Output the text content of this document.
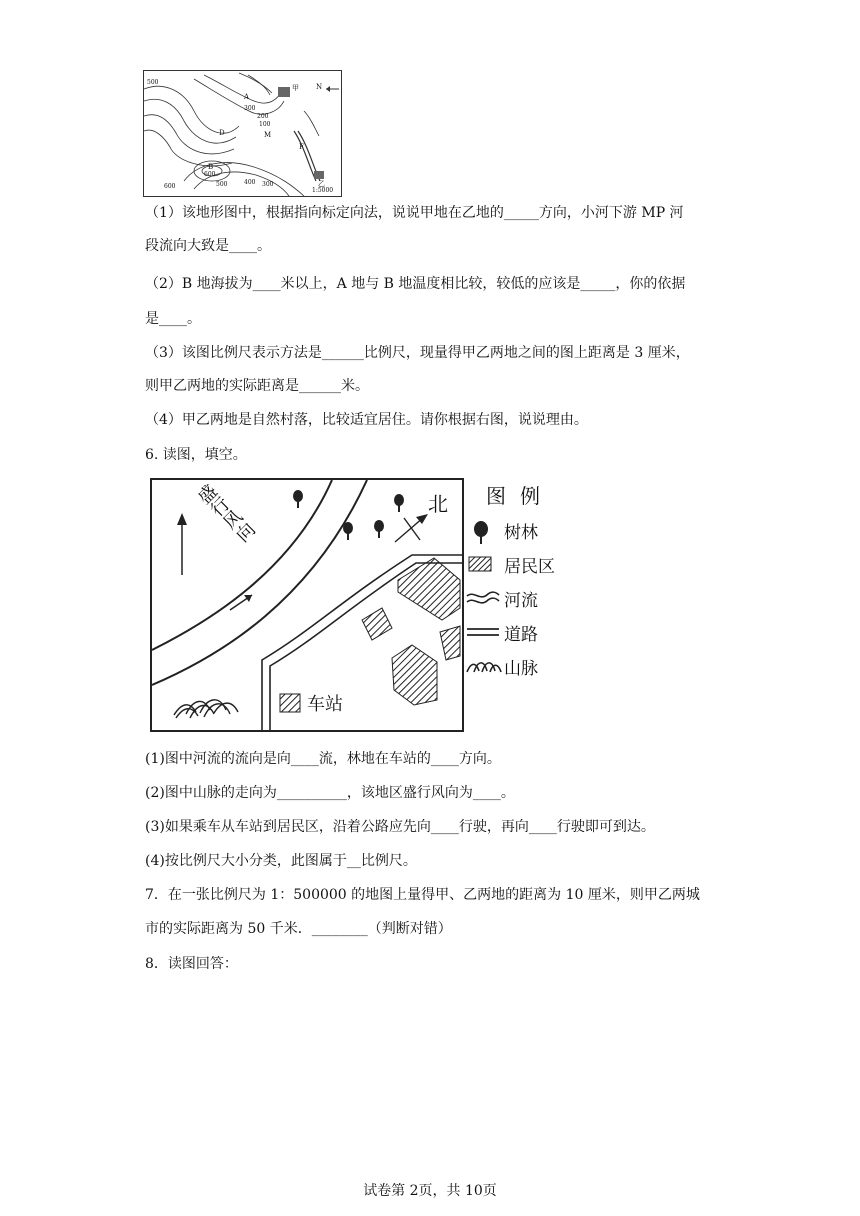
500
A
甲 N
200
300
100
D	M
F
B
600
600	500	400 300	乙
1:5000
（1）该地形图中，根据指向标定向法，说说甲地在乙地的_____方向，小河下游 MP 河
段流向大致是____。
（2）B 地海拔为____米以上，A 地与 B 地温度相比较，较低的应该是_____，你的依据
是____。
（3）该图比例尺表示方法是______比例尺，现量得甲乙两地之间的图上距离是 3 厘米，
则甲乙两地的实际距离是______米。
（4）甲乙两地是自然村落，比较适宜居住。请你根据右图，说说理由。
6. 读图，填空。
盛行风向	北
车站
图例
树林
居民区
河流
道路
山脉
(1)图中河流的流向是向____流，林地在车站的____方向。
(2)图中山脉的走向为__________，该地区盛行风向为____。
(3)如果乘车从车站到居民区，沿着公路应先向____行驶，再向____行驶即可到达。
(4)按比例尺大小分类，此图属于__比例尺。
7．在一张比例尺为 1：500000 的地图上量得甲、乙两地的距离为 10 厘米，则甲乙两城
市的实际距离为 50 千米．________（判断对错）
8．读图回答：
试卷第 2页，共 10页
